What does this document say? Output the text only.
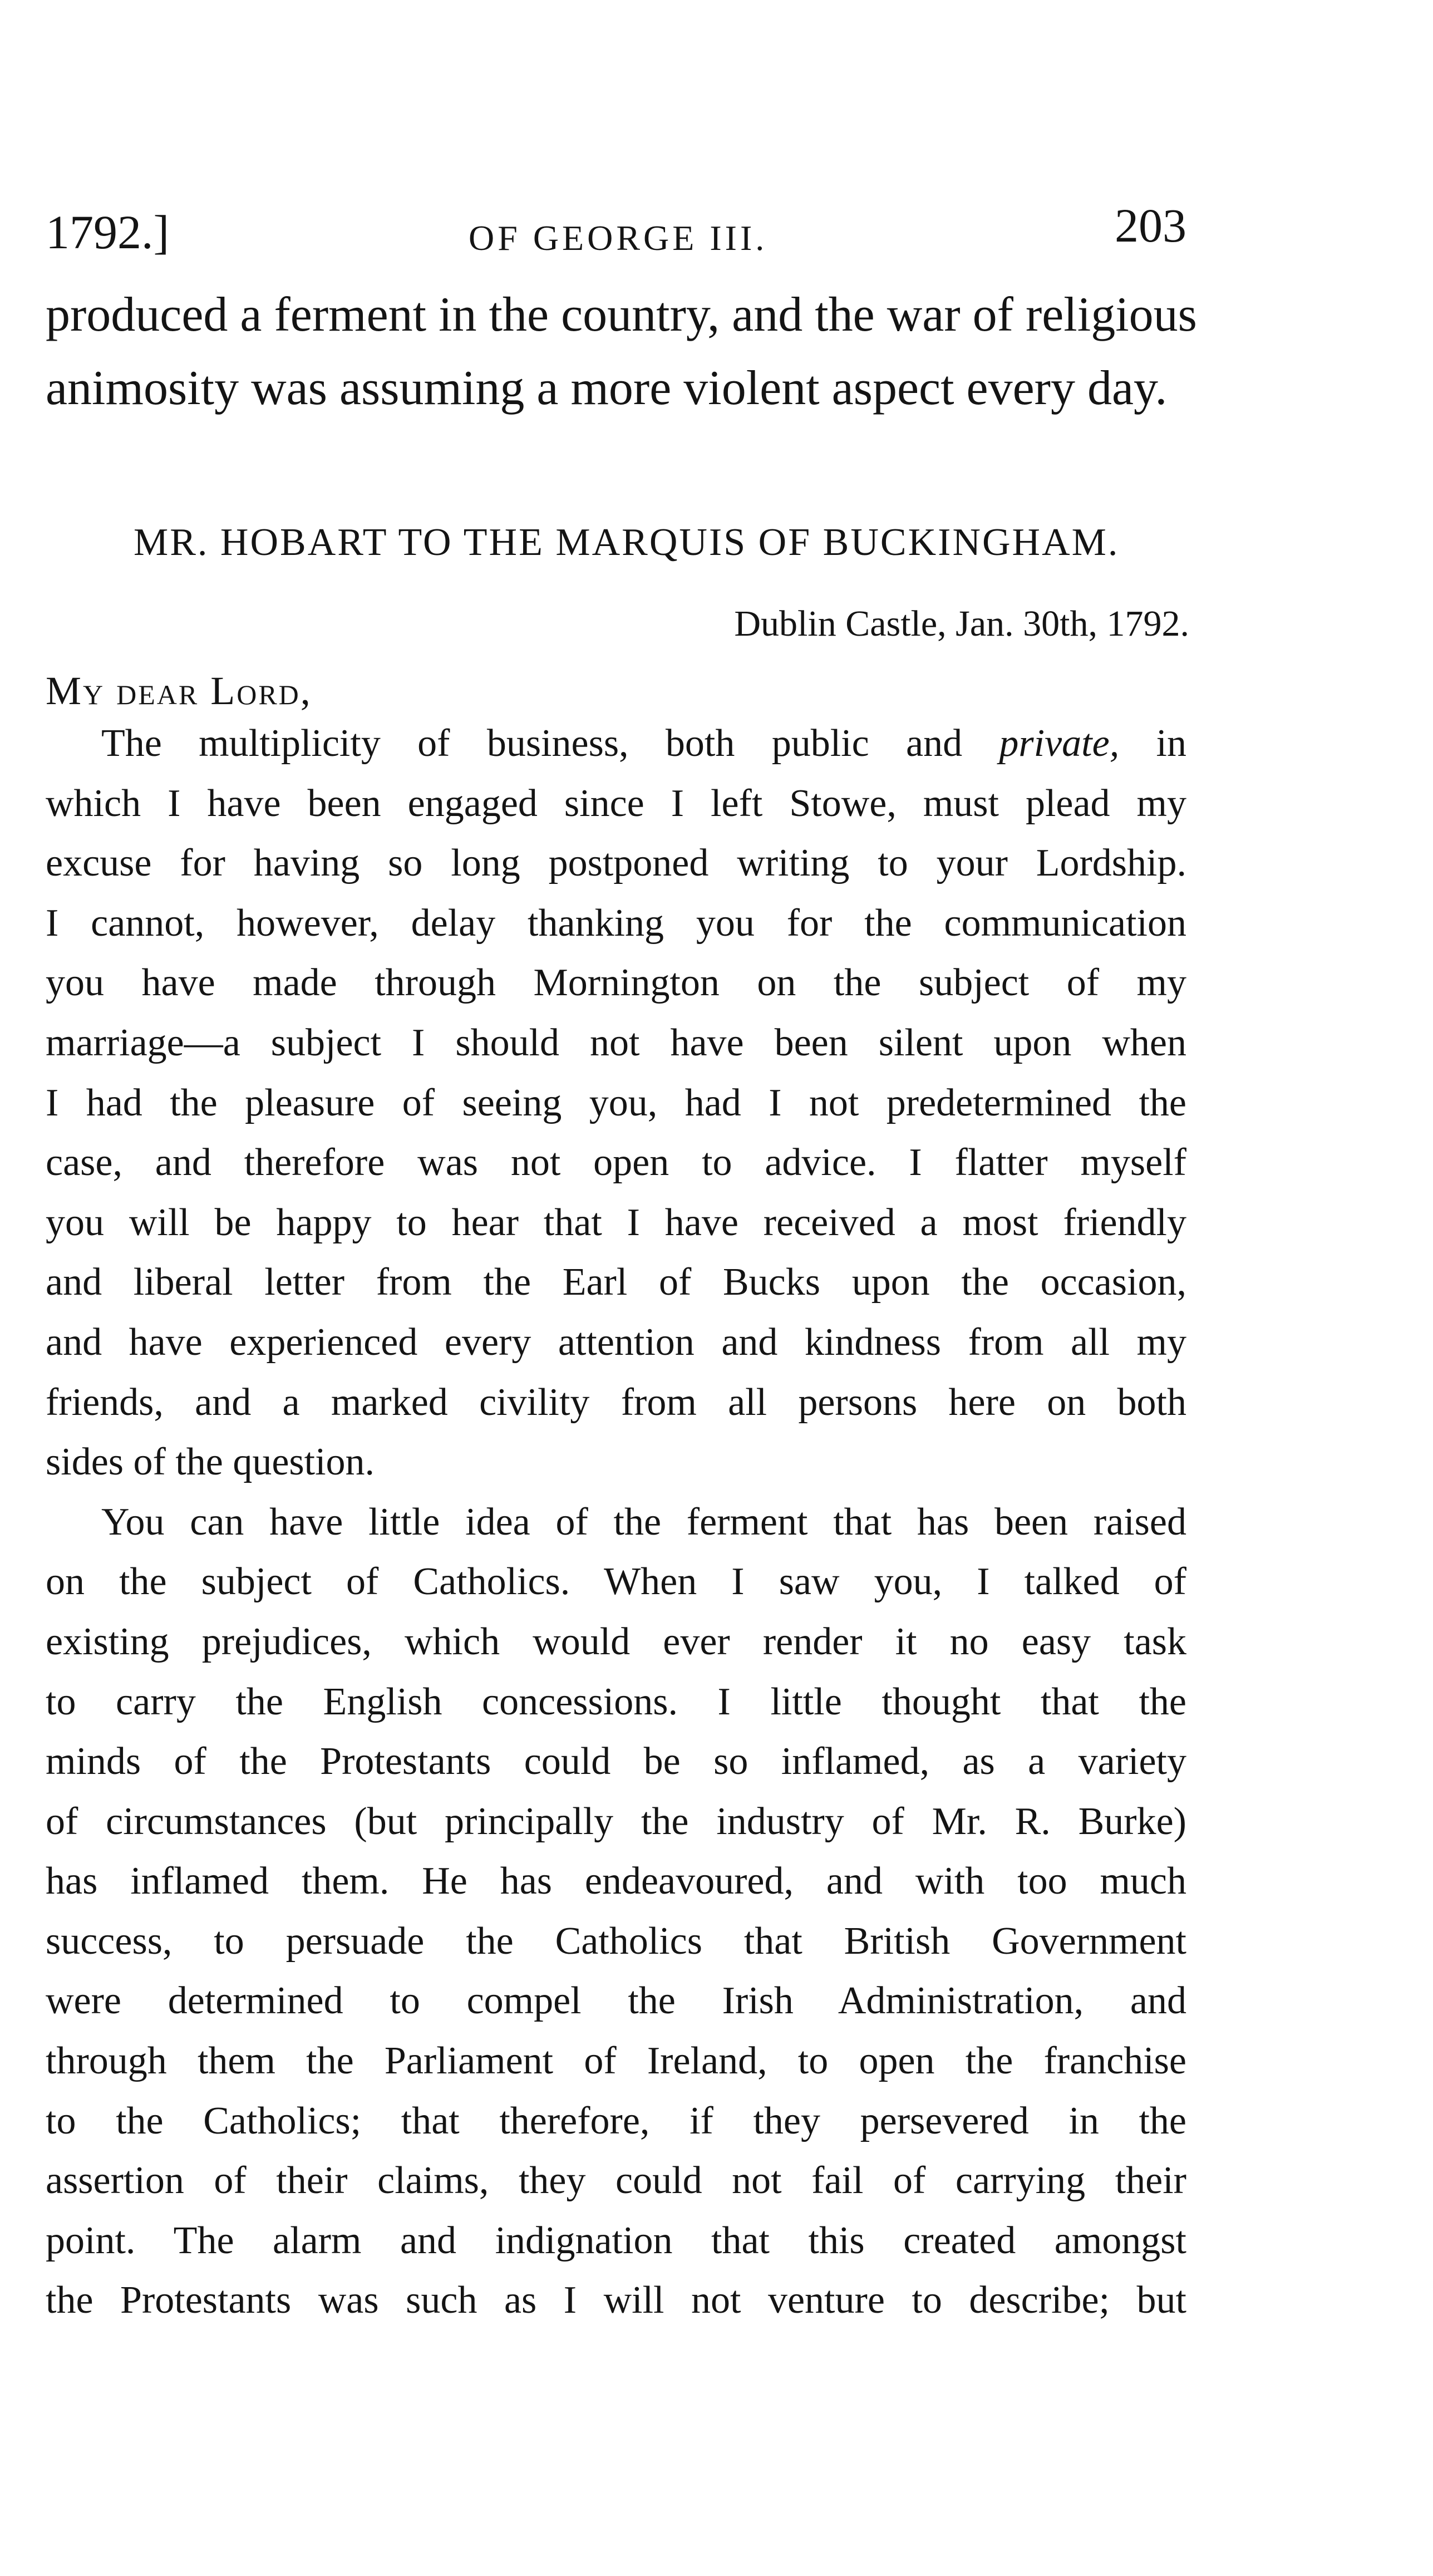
1792.]	OF GEORGE III.	203
produced a ferment in the country, and the war of religious
animosity was assuming a more violent aspect every day.
MR. HOBART TO THE MARQUIS OF BUCKINGHAM.
Dublin Castle, Jan. 30th, 1792.
My dear Lord,
The multiplicity of business, both public and private, in
which I have been engaged since I left Stowe, must plead my
excuse for having so long postponed writing to your Lordship.
I cannot, however, delay thanking you for the communication
you have made through Mornington on the subject of my
marriage—a subject I should not have been silent upon when
I had the pleasure of seeing you, had I not predetermined the
case, and therefore was not open to advice. I flatter myself
you will be happy to hear that I have received a most friendly
and liberal letter from the Earl of Bucks upon the occasion,
and have experienced every attention and kindness from all my
friends, and a marked civility from all persons here on both
sides of the question.
You can have little idea of the ferment that has been raised
on the subject of Catholics. When I saw you, I talked of
existing prejudices, which would ever render it no easy task
to carry the English concessions. I little thought that the
minds of the Protestants could be so inflamed, as a variety
of circumstances (but principally the industry of Mr. R. Burke)
has inflamed them. He has endeavoured, and with too much
success, to persuade the Catholics that British Government
were determined to compel the Irish Administration, and
through them the Parliament of Ireland, to open the franchise
to the Catholics; that therefore, if they persevered in the
assertion of their claims, they could not fail of carrying their
point. The alarm and indignation that this created amongst
the Protestants was such as I will not venture to describe; but
